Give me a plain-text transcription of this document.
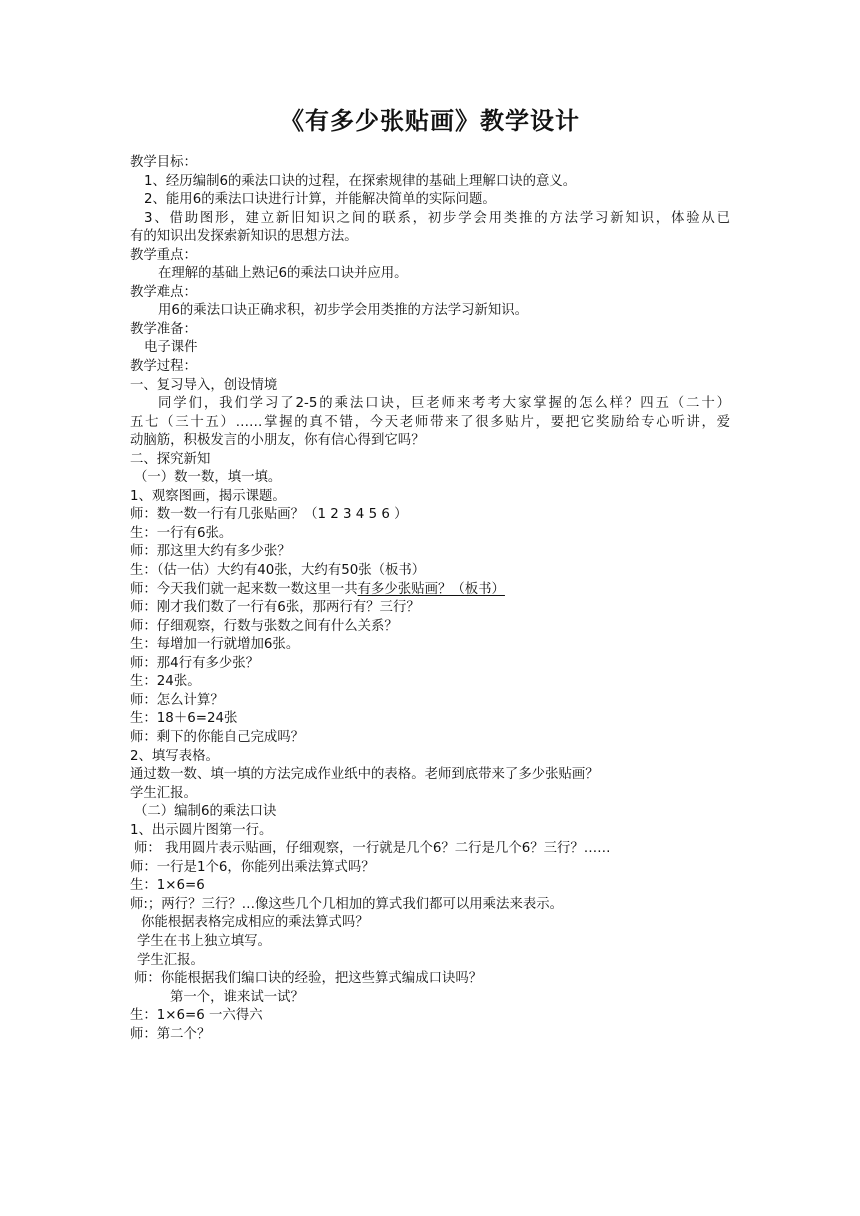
《有多少张贴画》教学设计
教学目标：
1、经历编制6的乘法口诀的过程，在探索规律的基础上理解口诀的意义。
2、能用6的乘法口诀进行计算，并能解决简单的实际问题。
3、借助图形，建立新旧知识之间的联系，初步学会用类推的方法学习新知识，体验从已
有的知识出发探索新知识的思想方法。
教学重点：
在理解的基础上熟记6的乘法口诀并应用。
教学难点：
用6的乘法口诀正确求积，初步学会用类推的方法学习新知识。
教学准备：
电子课件
教学过程：
一、复习导入，创设情境
同学们，我们学习了2-5的乘法口诀，巨老师来考考大家掌握的怎么样？四五（二十）
五七（三十五）……掌握的真不错，今天老师带来了很多贴片，要把它奖励给专心听讲，爱
动脑筋，积极发言的小朋友，你有信心得到它吗？
二、探究新知
（一）数一数，填一填。
1、观察图画，揭示课题。
师：数一数一行有几张贴画？（1 2 3 4 5 6 ）
生：一行有6张。
师：那这里大约有多少张？
生：（估一估）大约有40张，大约有50张（板书）
师：今天我们就一起来数一数这里一共有多少张贴画？（板书）
师：刚才我们数了一行有6张，那两行有？三行？
师：仔细观察，行数与张数之间有什么关系？
生：每增加一行就增加6张。
师：那4行有多少张？
生：24张。
师：怎么计算？
生：18＋6=24张
师：剩下的你能自己完成吗？
2、填写表格。
通过数一数、填一填的方法完成作业纸中的表格。老师到底带来了多少张贴画？
学生汇报。
（二）编制6的乘法口诀
1、出示圆片图第一行。
师： 我用圆片表示贴画，仔细观察，一行就是几个6？二行是几个6？三行？……
师：一行是1个6，你能列出乘法算式吗？
生：1×6=6
师:；两行？三行？…像这些几个几相加的算式我们都可以用乘法来表示。
你能根据表格完成相应的乘法算式吗？
学生在书上独立填写。
学生汇报。
师：你能根据我们编口诀的经验，把这些算式编成口诀吗？
第一个，谁来试一试？
生：1×6=6 一六得六
师：第二个？
